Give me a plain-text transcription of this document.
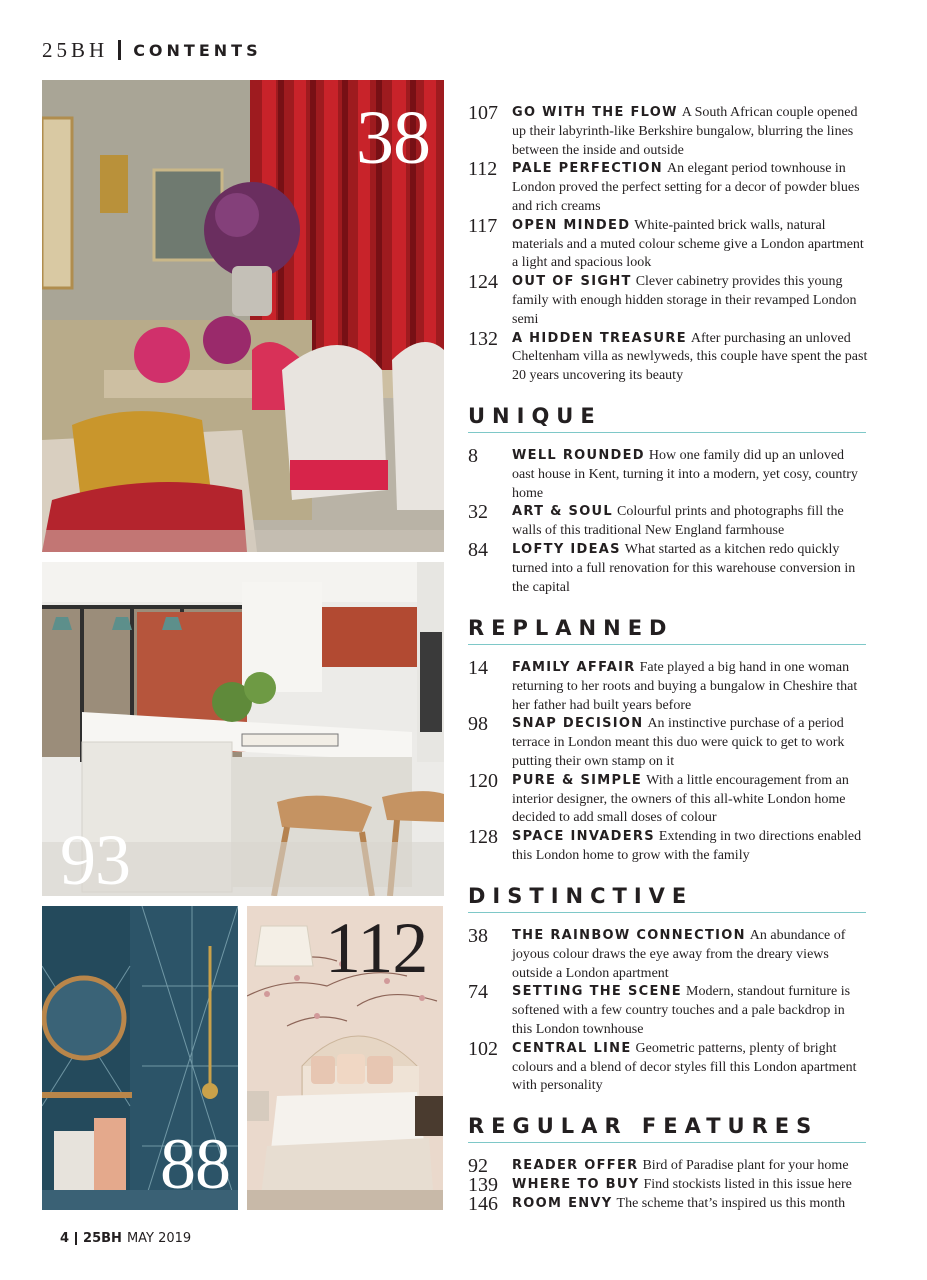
25BH CONTENTS
38
93
88
112
107 GO WITH THE FLOW A South African couple opened up their labyrinth-like Berkshire bungalow, blurring the lines between the inside and outside
112 PALE PERFECTION An elegant period townhouse in London proved the perfect setting for a decor of powder blues and rich creams
117 OPEN MINDED White-painted brick walls, natural materials and a muted colour scheme give a London apartment a light and spacious look
124 OUT OF SIGHT Clever cabinetry provides this young family with enough hidden storage in their revamped London semi
132 A HIDDEN TREASURE After purchasing an unloved Cheltenham villa as newlyweds, this couple have spent the past 20 years uncovering its beauty
UNIQUE
8	WELL ROUNDED How one family did up an unloved oast house in Kent, turning it into a modern, yet cosy, country home
32 ART & SOUL Colourful prints and photographs fill the walls of this traditional New England farmhouse
84 LOFTY IDEAS What started as a kitchen redo quickly turned into a full renovation for this warehouse conversion in the capital
REPLANNED
14 FAMILY AFFAIR Fate played a big hand in one woman returning to her roots and buying a bungalow in Cheshire that her father had built years before
98 SNAP DECISION An instinctive purchase of a period terrace in London meant this duo were quick to get to work putting their own stamp on it
120 PURE & SIMPLE With a little encouragement from an interior designer, the owners of this all-white London home decided to add small doses of colour
128 SPACE INVADERS Extending in two directions enabled this London home to grow with the family
DISTINCTIVE
38 THE RAINBOW CONNECTION An abundance of joyous colour draws the eye away from the dreary views outside a London apartment
74 SETTING THE SCENE Modern, standout furniture is softened with a few country touches and a pale backdrop in this London townhouse
102 CENTRAL LINE Geometric patterns, plenty of bright colours and a blend of decor styles fill this London apartment with personality
REGULAR FEATURES
92 READER OFFER Bird of Paradise plant for your home
139 WHERE TO BUY Find stockists listed in this issue here
146 ROOM ENVY The scheme that’s inspired us this month
4 25BH MAY 2019
